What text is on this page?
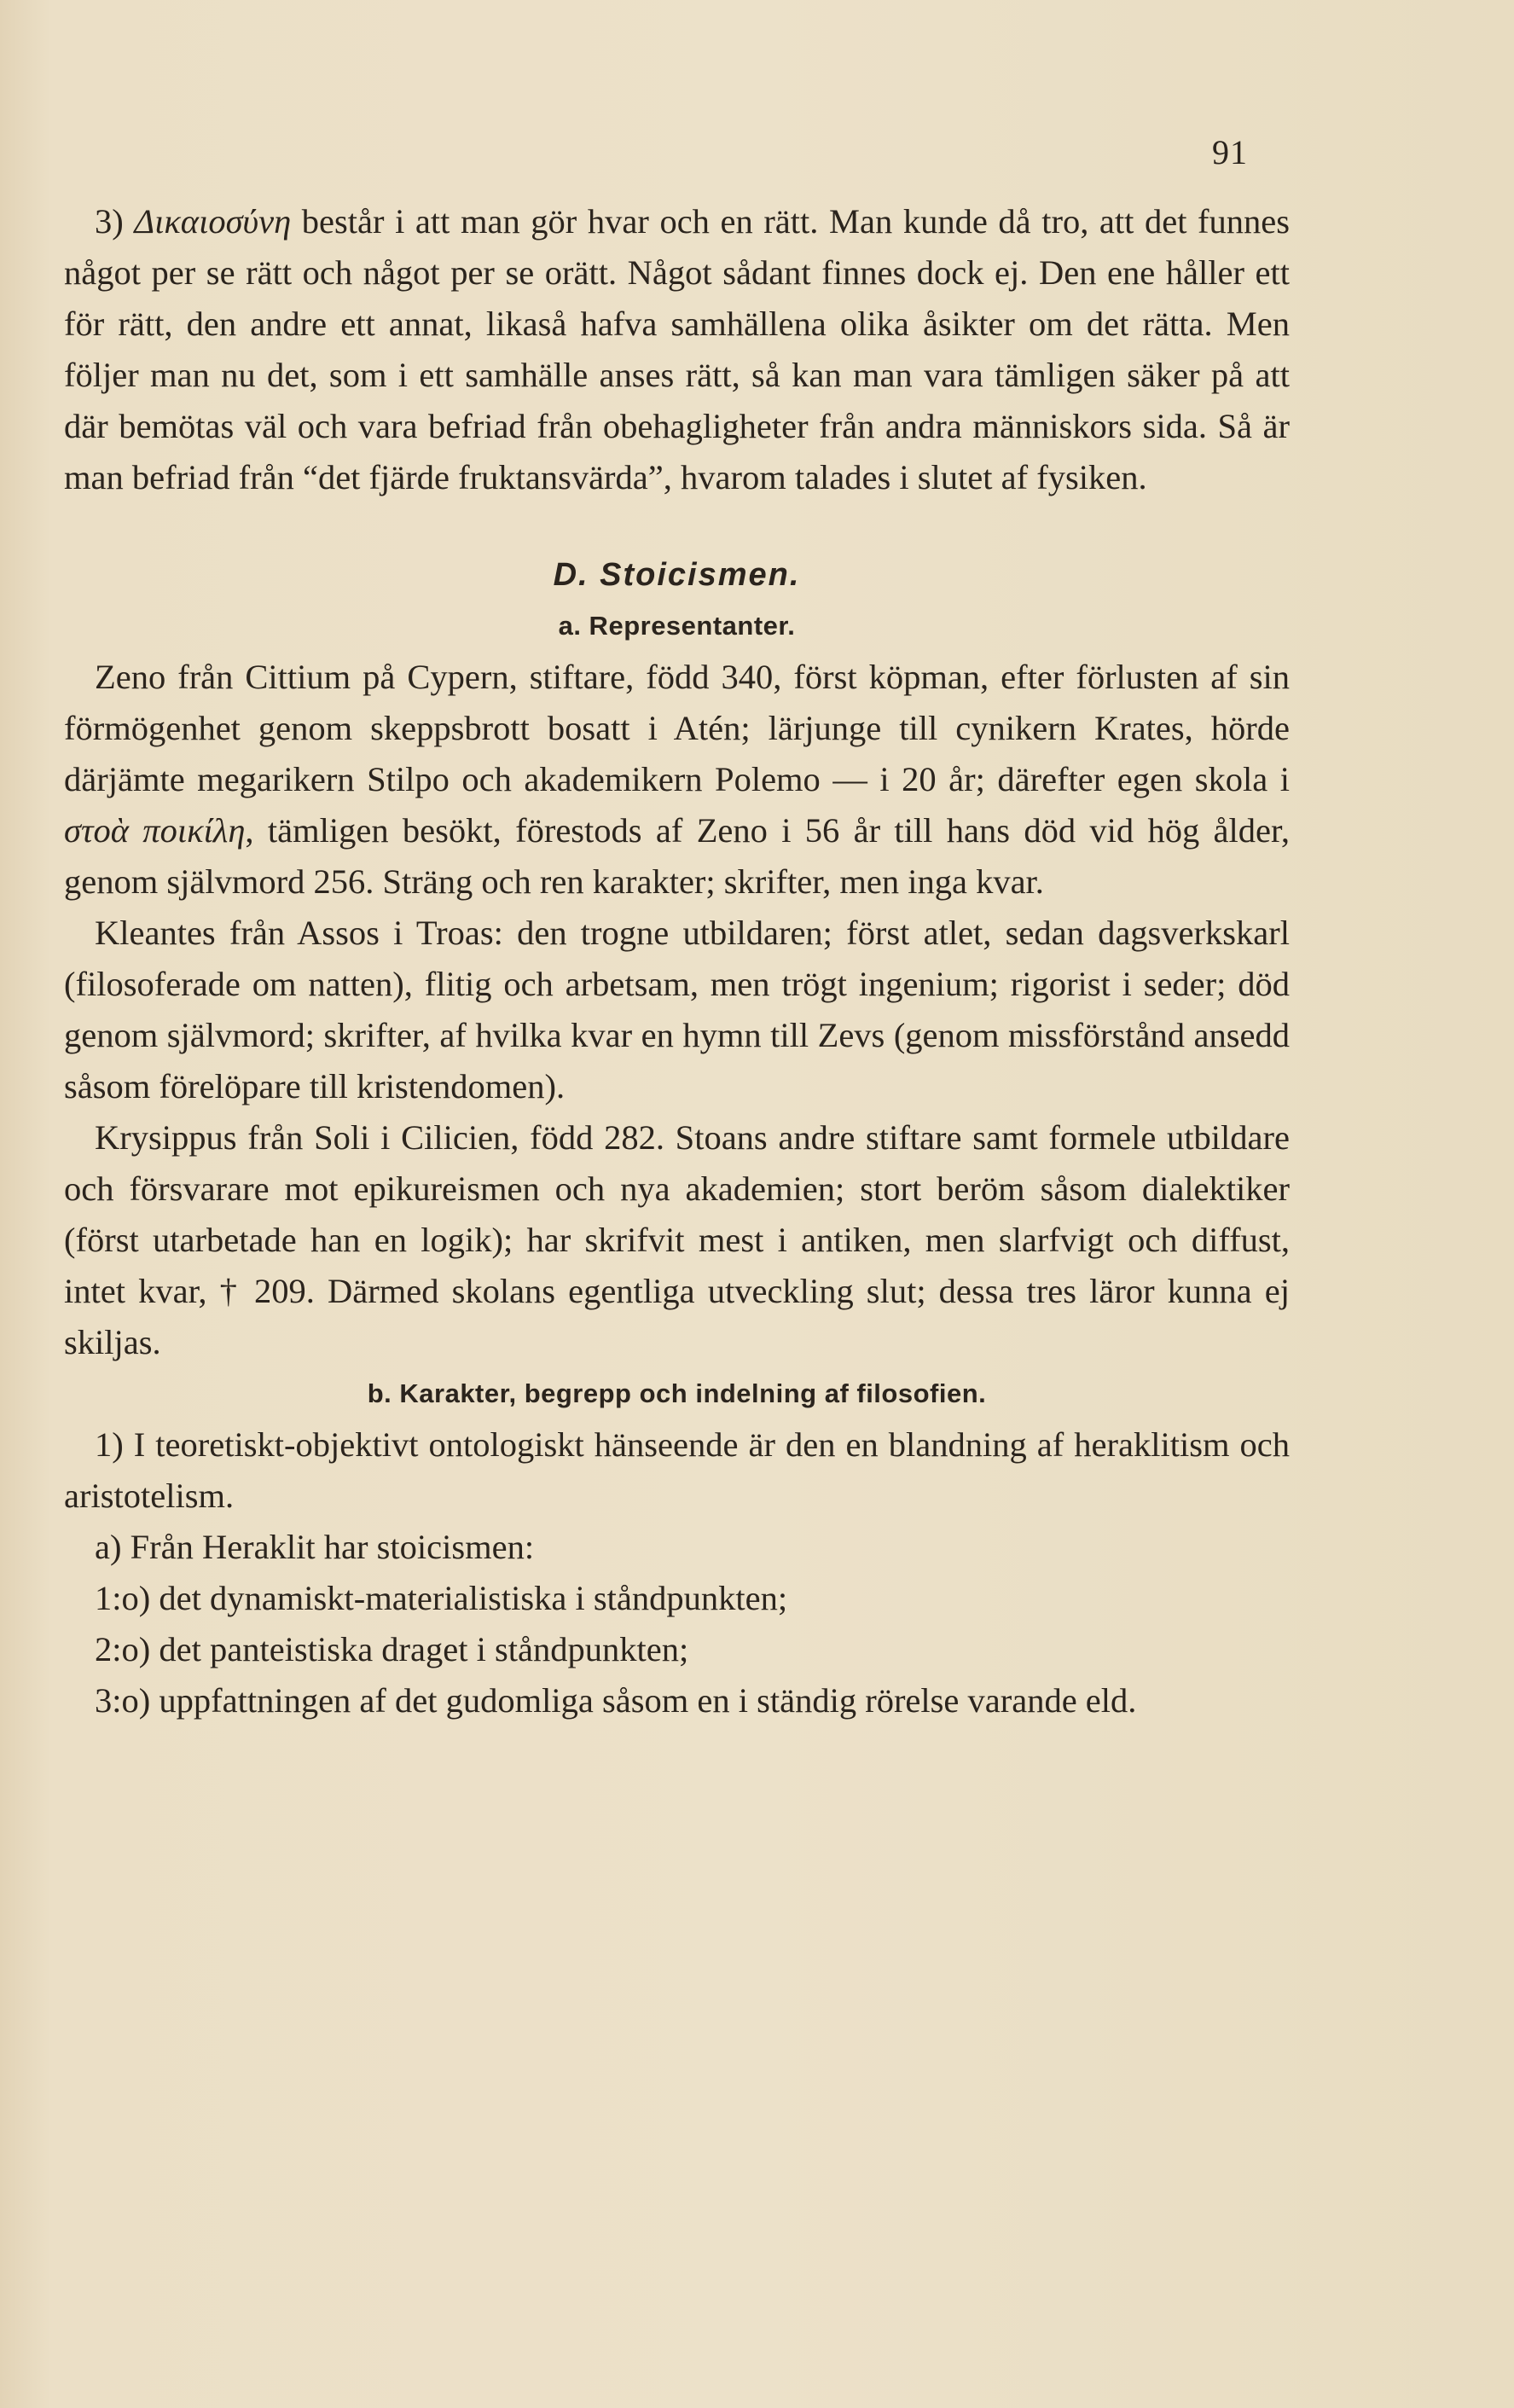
91

3) Δικαιοσύνη består i att man gör hvar och en rätt. Man kunde då tro, att det funnes något per se rätt och något per se orätt. Något sådant finnes dock ej. Den ene håller ett för rätt, den andre ett annat, likaså hafva samhällena olika åsikter om det rätta. Men följer man nu det, som i ett samhälle anses rätt, så kan man vara tämligen säker på att där bemötas väl och vara befriad från obehagligheter från andra människors sida. Så är man befriad från “det fjärde fruktansvärda”, hvarom talades i slutet af fysiken.

D. Stoicismen.
a. Representanter.

Zeno från Cittium på Cypern, stiftare, född 340, först köpman, efter förlusten af sin förmögenhet genom skeppsbrott bosatt i Atén; lärjunge till cynikern Krates, hörde därjämte megarikern Stilpo och akademikern Polemo — i 20 år; därefter egen skola i στοὰ ποικίλη, tämligen besökt, förestods af Zeno i 56 år till hans död vid hög ålder, genom självmord 256. Sträng och ren karakter; skrifter, men inga kvar.

Kleantes från Assos i Troas: den trogne utbildaren; först atlet, sedan dagsverkskarl (filosoferade om natten), flitig och arbetsam, men trögt ingenium; rigorist i seder; död genom självmord; skrifter, af hvilka kvar en hymn till Zevs (genom missförstånd ansedd såsom förelöpare till kristendomen).

Krysippus från Soli i Cilicien, född 282. Stoans andre stiftare samt formele utbildare och försvarare mot epikureismen och nya akademien; stort beröm såsom dialektiker (först utarbetade han en logik); har skrifvit mest i antiken, men slarfvigt och diffust, intet kvar, † 209. Därmed skolans egentliga utveckling slut; dessa tres läror kunna ej skiljas.

b. Karakter, begrepp och indelning af filosofien.

1) I teoretiskt-objektivt ontologiskt hänseende är den en blandning af heraklitism och aristotelism.

a) Från Heraklit har stoicismen:

1:o) det dynamiskt-materialistiska i ståndpunkten;

2:o) det panteistiska draget i ståndpunkten;

3:o) uppfattningen af det gudomliga såsom en i ständig rörelse varande eld.
